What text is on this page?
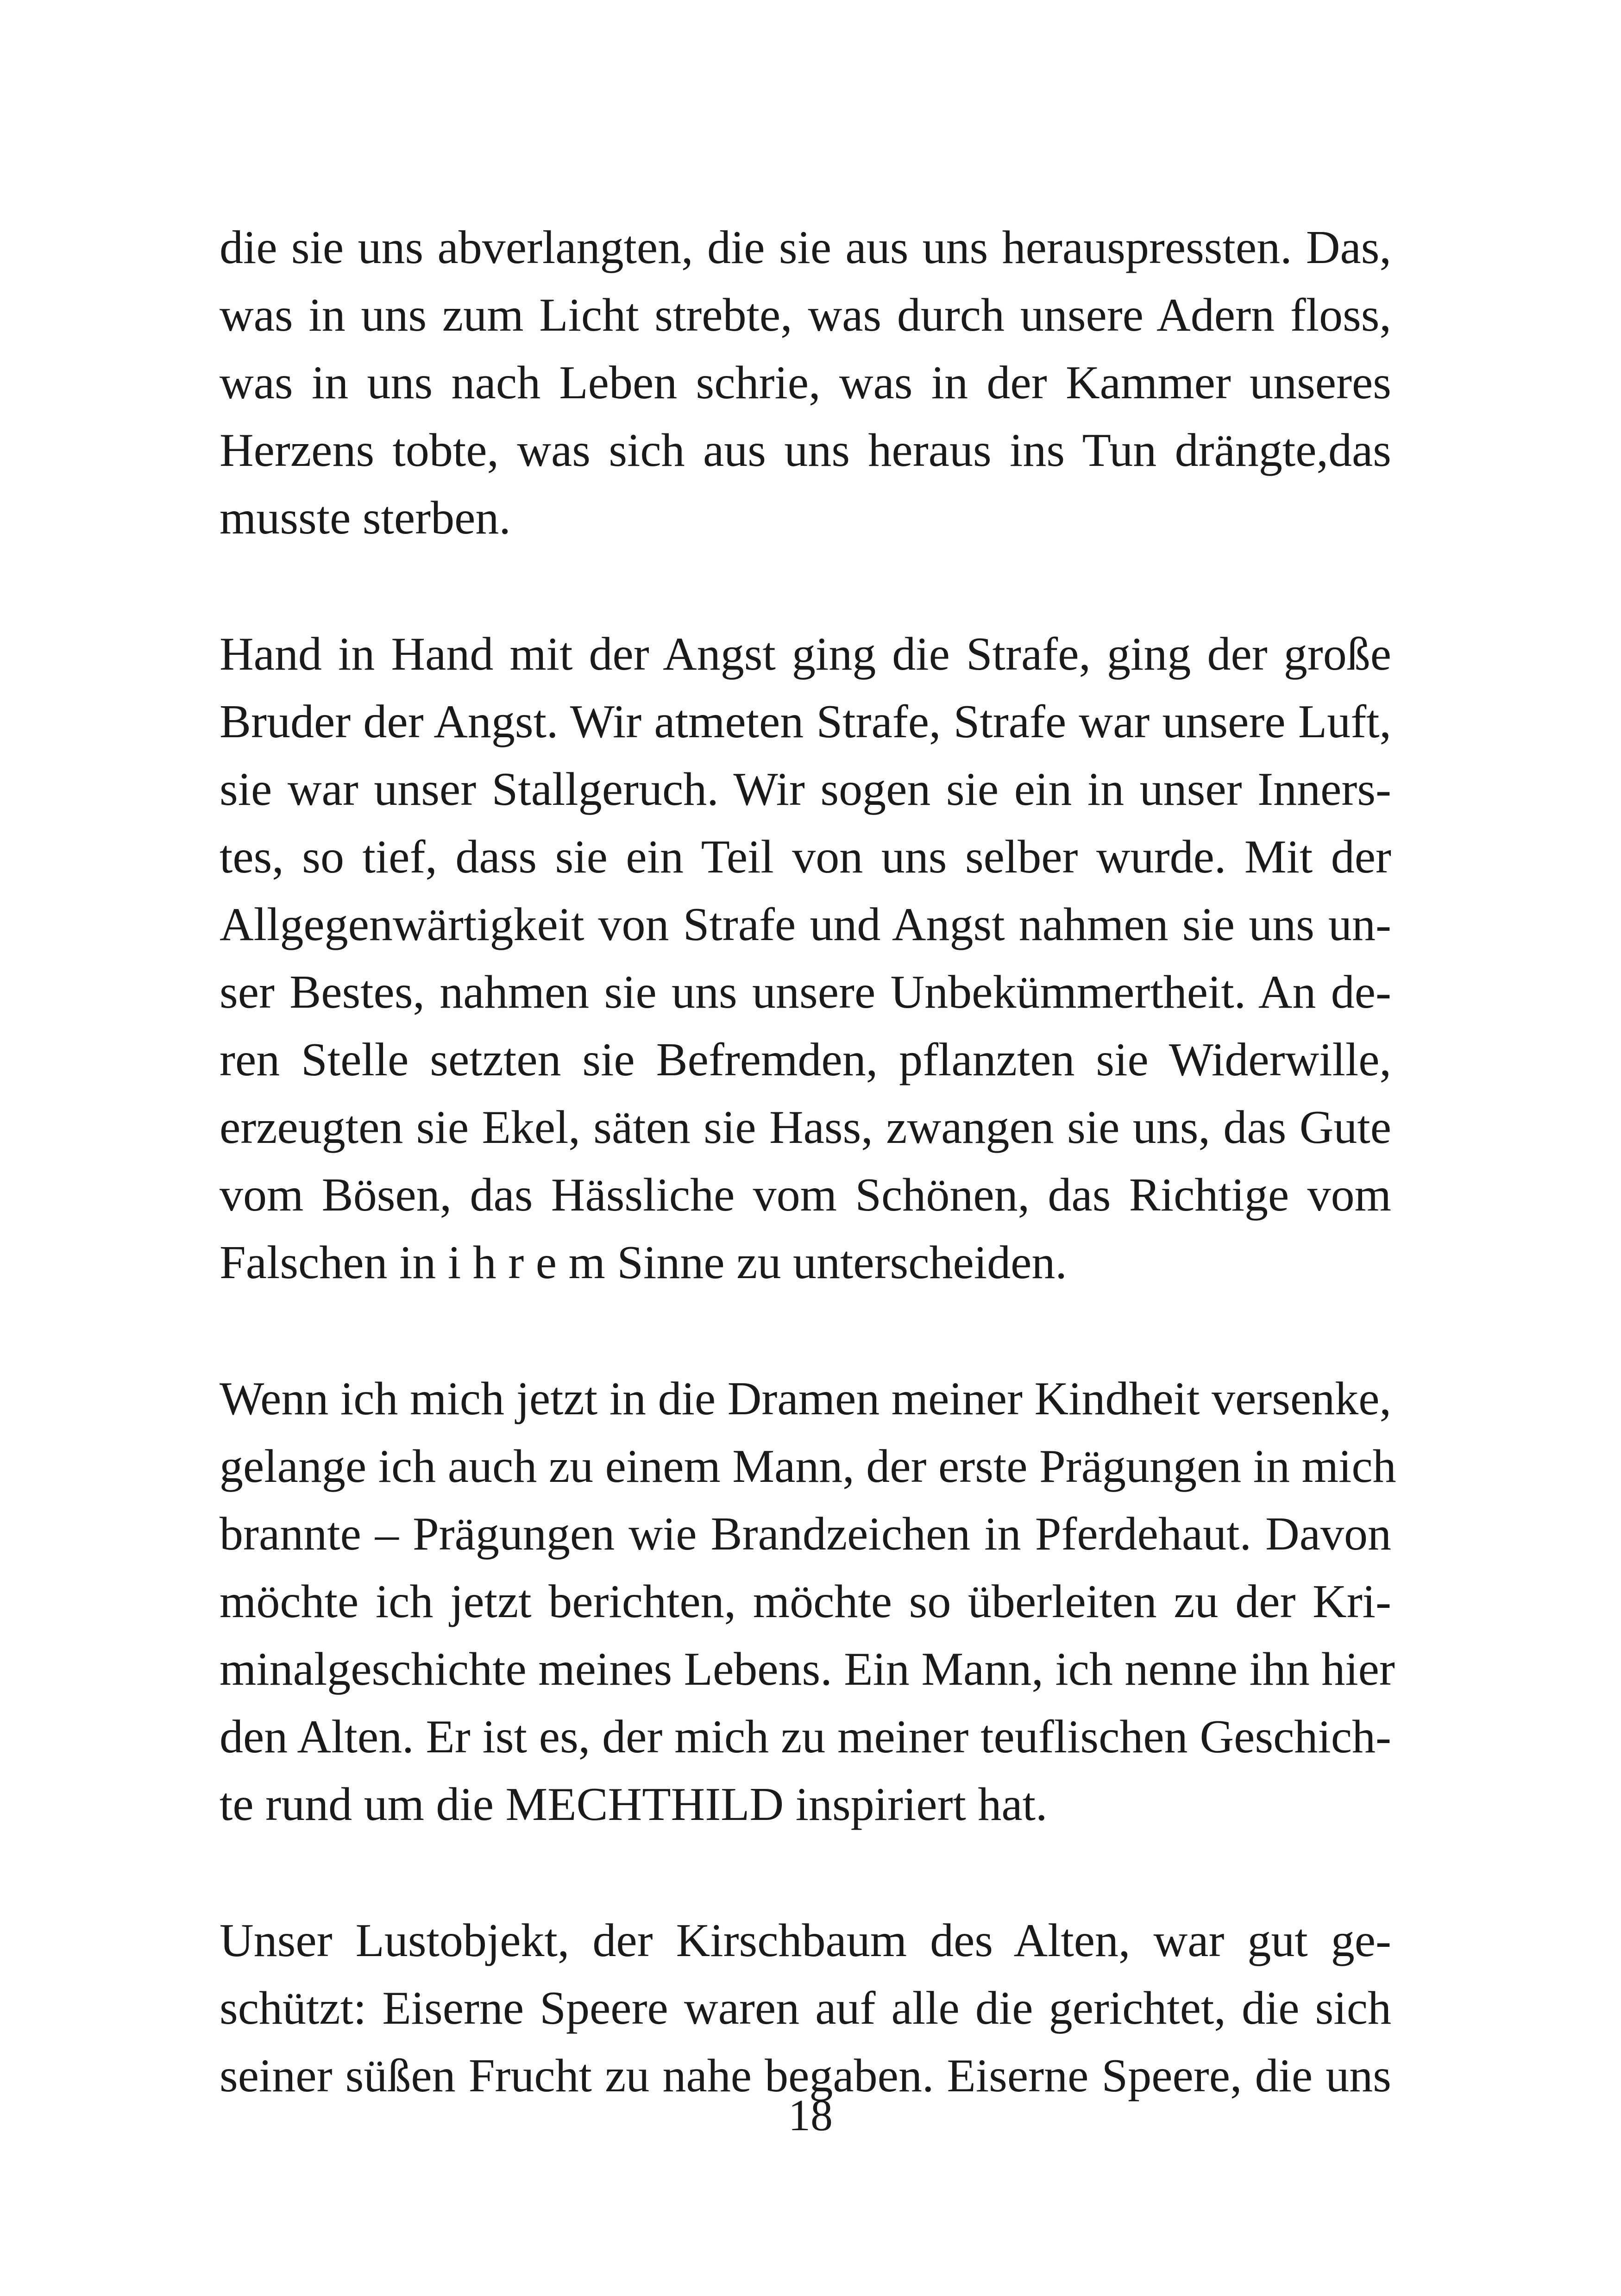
die sie uns abverlangten, die sie aus uns herauspressten. Das,
was in uns zum Licht strebte, was durch unsere Adern floss,
was in uns nach Leben schrie, was in der Kammer unseres
Herzens tobte, was sich aus uns heraus ins Tun drängte,das
musste sterben.

Hand in Hand mit der Angst ging die Strafe, ging der große
Bruder der Angst. Wir atmeten Strafe, Strafe war unsere Luft,
sie war unser Stallgeruch. Wir sogen sie ein in unser Inners-
tes, so tief, dass sie ein Teil von uns selber wurde. Mit der
Allgegenwärtigkeit von Strafe und Angst nahmen sie uns un-
ser Bestes, nahmen sie uns unsere Unbekümmertheit. An de-
ren Stelle setzten sie Befremden, pflanzten sie Widerwille,
erzeugten sie Ekel, säten sie Hass, zwangen sie uns, das Gute
vom Bösen, das Hässliche vom Schönen, das Richtige vom
Falschen in i h r e m Sinne zu unterscheiden.

Wenn ich mich jetzt in die Dramen meiner Kindheit versenke,
gelange ich auch zu einem Mann, der erste Prägungen in mich
brannte – Prägungen wie Brandzeichen in Pferdehaut. Davon
möchte ich jetzt berichten, möchte so überleiten zu der Kri-
minalgeschichte meines Lebens. Ein Mann, ich nenne ihn hier
den Alten. Er ist es, der mich zu meiner teuflischen Geschich-
te rund um die MECHTHILD inspiriert hat.

Unser Lustobjekt, der Kirschbaum des Alten, war gut ge-
schützt: Eiserne Speere waren auf alle die gerichtet, die sich
seiner süßen Frucht zu nahe begaben. Eiserne Speere, die uns

18
